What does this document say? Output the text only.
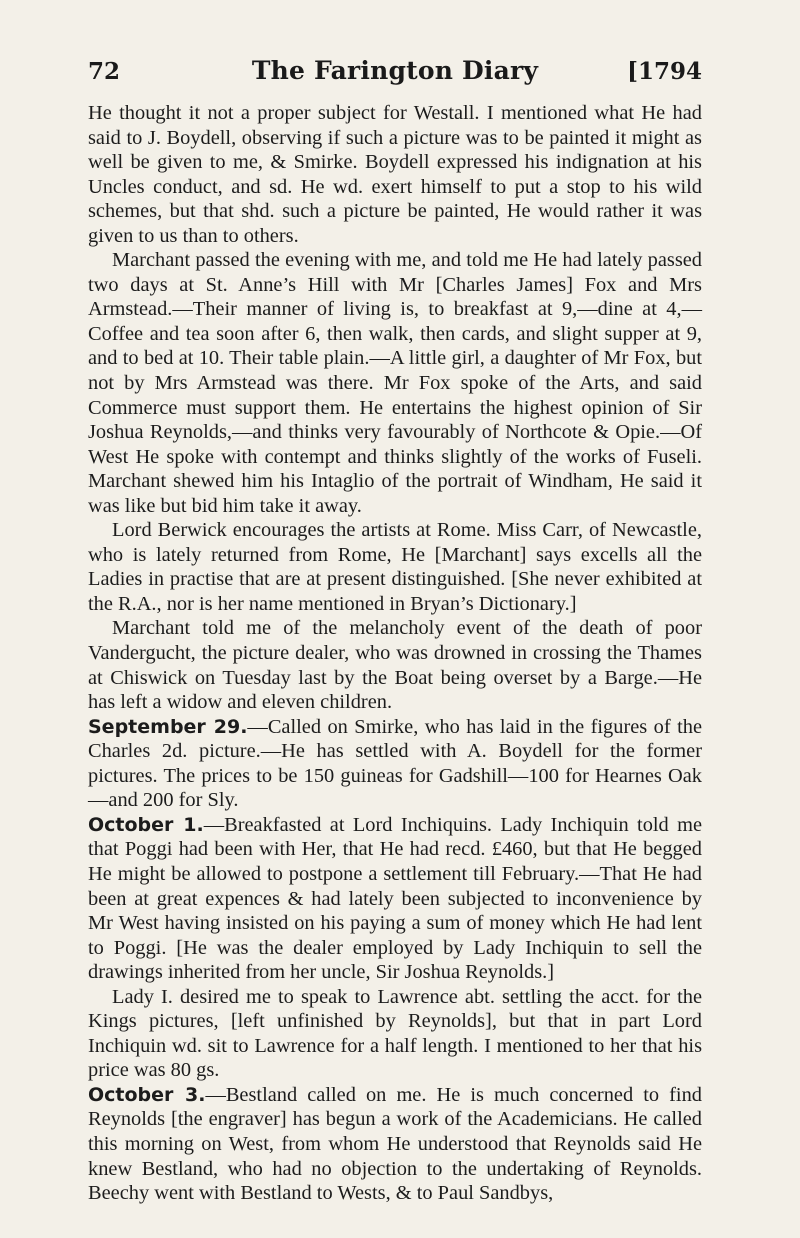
72	The Farington Diary	[1794

He thought it not a proper subject for Westall. I mentioned what He had said to J. Boydell, observing if such a picture was to be painted it might as well be given to me, & Smirke. Boydell expressed his indignation at his Uncles conduct, and sd. He wd. exert himself to put a stop to his wild schemes, but that shd. such a picture be painted, He would rather it was given to us than to others.

Marchant passed the evening with me, and told me He had lately passed two days at St. Anne’s Hill with Mr [Charles James] Fox and Mrs Armstead.—Their manner of living is, to breakfast at 9,—dine at 4,—Coffee and tea soon after 6, then walk, then cards, and slight supper at 9, and to bed at 10. Their table plain.—A little girl, a daughter of Mr Fox, but not by Mrs Armstead was there. Mr Fox spoke of the Arts, and said Commerce must support them. He entertains the highest opinion of Sir Joshua Reynolds,—and thinks very favourably of Northcote & Opie.—Of West He spoke with contempt and thinks slightly of the works of Fuseli. Marchant shewed him his Intaglio of the portrait of Windham, He said it was like but bid him take it away.

Lord Berwick encourages the artists at Rome. Miss Carr, of Newcastle, who is lately returned from Rome, He [Marchant] says excells all the Ladies in practise that are at present distinguished. [She never exhibited at the R.A., nor is her name mentioned in Bryan’s Dictionary.]

Marchant told me of the melancholy event of the death of poor Vandergucht, the picture dealer, who was drowned in crossing the Thames at Chiswick on Tuesday last by the Boat being overset by a Barge.—He has left a widow and eleven children.

September 29.—Called on Smirke, who has laid in the figures of the Charles 2d. picture.—He has settled with A. Boydell for the former pictures. The prices to be 150 guineas for Gadshill—100 for Hearnes Oak—and 200 for Sly.

October 1.—Breakfasted at Lord Inchiquins. Lady Inchiquin told me that Poggi had been with Her, that He had recd. £460, but that He begged He might be allowed to postpone a settlement till February.—That He had been at great expences & had lately been subjected to inconvenience by Mr West having insisted on his paying a sum of money which He had lent to Poggi. [He was the dealer employed by Lady Inchiquin to sell the drawings inherited from her uncle, Sir Joshua Reynolds.]

Lady I. desired me to speak to Lawrence abt. settling the acct. for the Kings pictures, [left unfinished by Reynolds], but that in part Lord Inchiquin wd. sit to Lawrence for a half length. I mentioned to her that his price was 80 gs.

October 3.—Bestland called on me. He is much concerned to find Reynolds [the engraver] has begun a work of the Academicians. He called this morning on West, from whom He understood that Reynolds said He knew Bestland, who had no objection to the undertaking of Reynolds. Beechy went with Bestland to Wests, & to Paul Sandbys,
